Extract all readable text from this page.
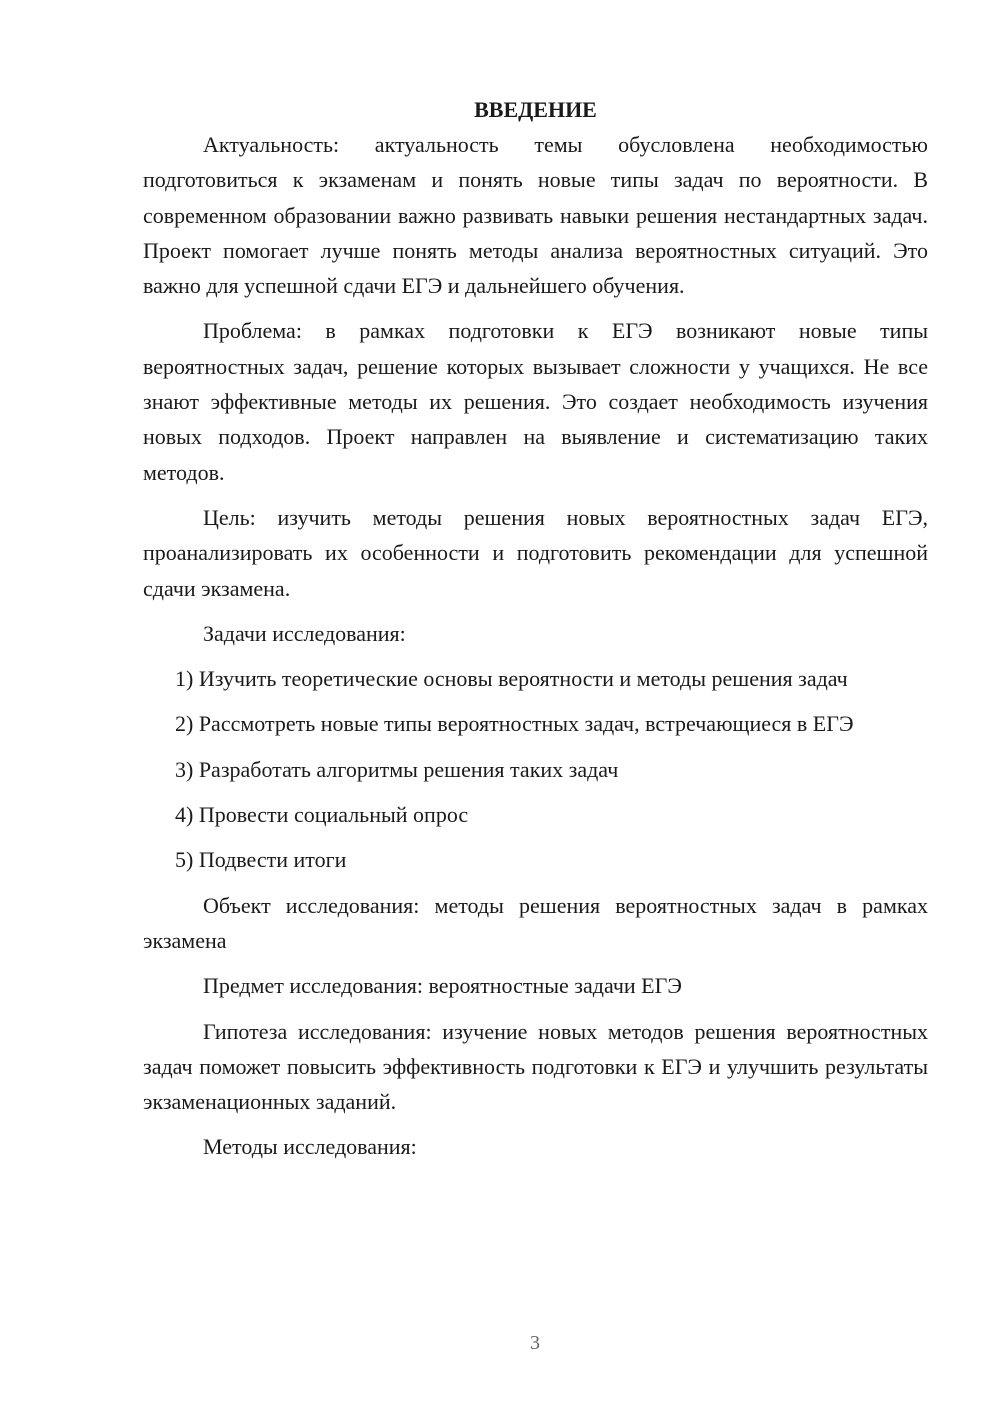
ВВЕДЕНИЕ

Актуальность: актуальность темы обусловлена необходимостью подготовиться к экзаменам и понять новые типы задач по вероятности. В современном образовании важно развивать навыки решения нестандартных задач. Проект помогает лучше понять методы анализа вероятностных ситуаций. Это важно для успешной сдачи ЕГЭ и дальнейшего обучения.

Проблема: в рамках подготовки к ЕГЭ возникают новые типы вероятностных задач, решение которых вызывает сложности у учащихся. Не все знают эффективные методы их решения. Это создает необходимость изучения новых подходов. Проект направлен на выявление и систематизацию таких методов.

Цель: изучить методы решения новых вероятностных задач ЕГЭ, проанализировать их особенности и подготовить рекомендации для успешной сдачи экзамена.

Задачи исследования:

1) Изучить теоретические основы вероятности и методы решения задач

2) Рассмотреть новые типы вероятностных задач, встречающиеся в ЕГЭ

3) Разработать алгоритмы решения таких задач

4) Провести социальный опрос

5) Подвести итоги

Объект исследования: методы решения вероятностных задач в рамках экзамена

Предмет исследования: вероятностные задачи ЕГЭ

Гипотеза исследования: изучение новых методов решения вероятностных задач поможет повысить эффективность подготовки к ЕГЭ и улучшить результаты экзаменационных заданий.

Методы исследования:

3
